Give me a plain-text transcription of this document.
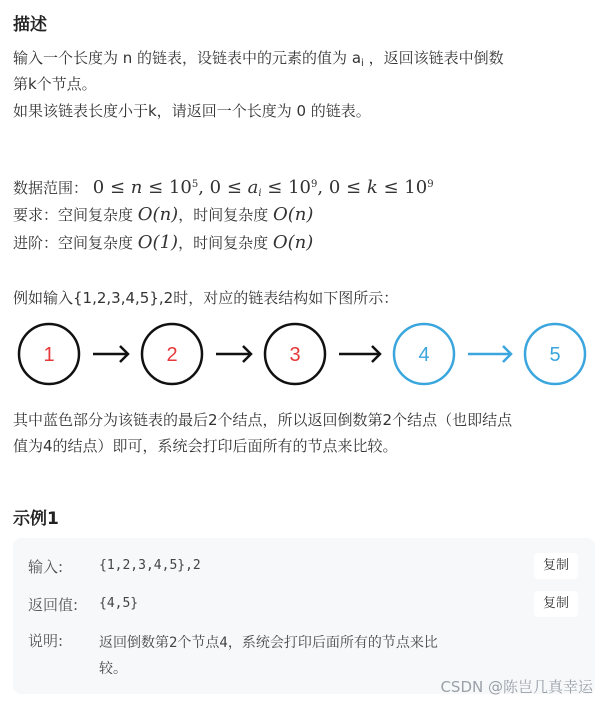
描述
输入一个长度为 n 的链表，设链表中的元素的值为 $a_i$ ，返回该链表中倒数
第k个节点。
如果该链表长度小于k，请返回一个长度为 0 的链表。
数据范围： $0 \le n \le 10^5$, 0 ≤ ai ≤ $10^9$, $0 \le k \le 10^9$
要求：空间复杂度 O(n)，时间复杂度 O(n)
进阶：空间复杂度 O(1)，时间复杂度 O(n)
例如输入{1,2,3,4,5},2时，对应的链表结构如下图所示：
1	2	3	4	5
其中蓝色部分为该链表的最后2个结点，所以返回倒数第2个结点（也即结点
值为4的结点）即可，系统会打印后面所有的节点来比较。
示例1
输入:	{1,2,3,4,5},2	复制
返回值: {4,5}	复制
说明:	返回倒数第2个节点4，系统会打印后面所有的节点来比
较。
CSDN @陈岂几真幸运
